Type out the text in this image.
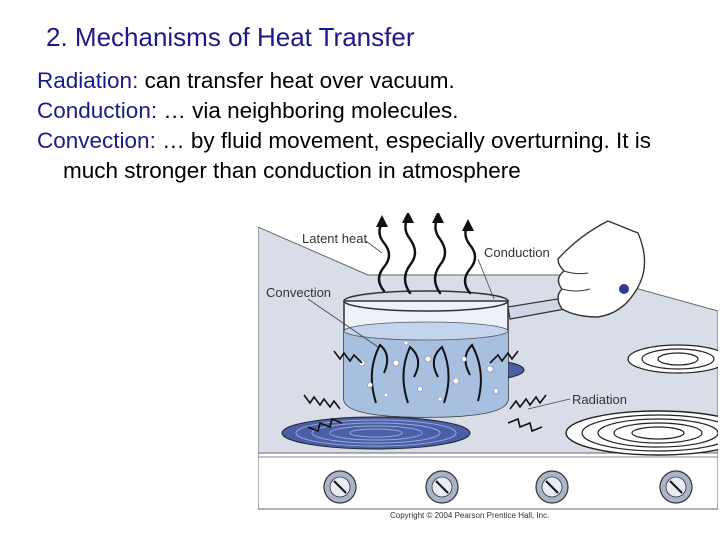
2. Mechanisms of Heat Transfer

Radiation: can transfer heat over vacuum.

Conduction: … via neighboring molecules.

Convection: … by fluid movement, especially overturning. It is much stronger than conduction in atmosphere

Latent heat
Conduction
Convection
Radiation
Copyright © 2004 Pearson Prentice Hall, Inc.
